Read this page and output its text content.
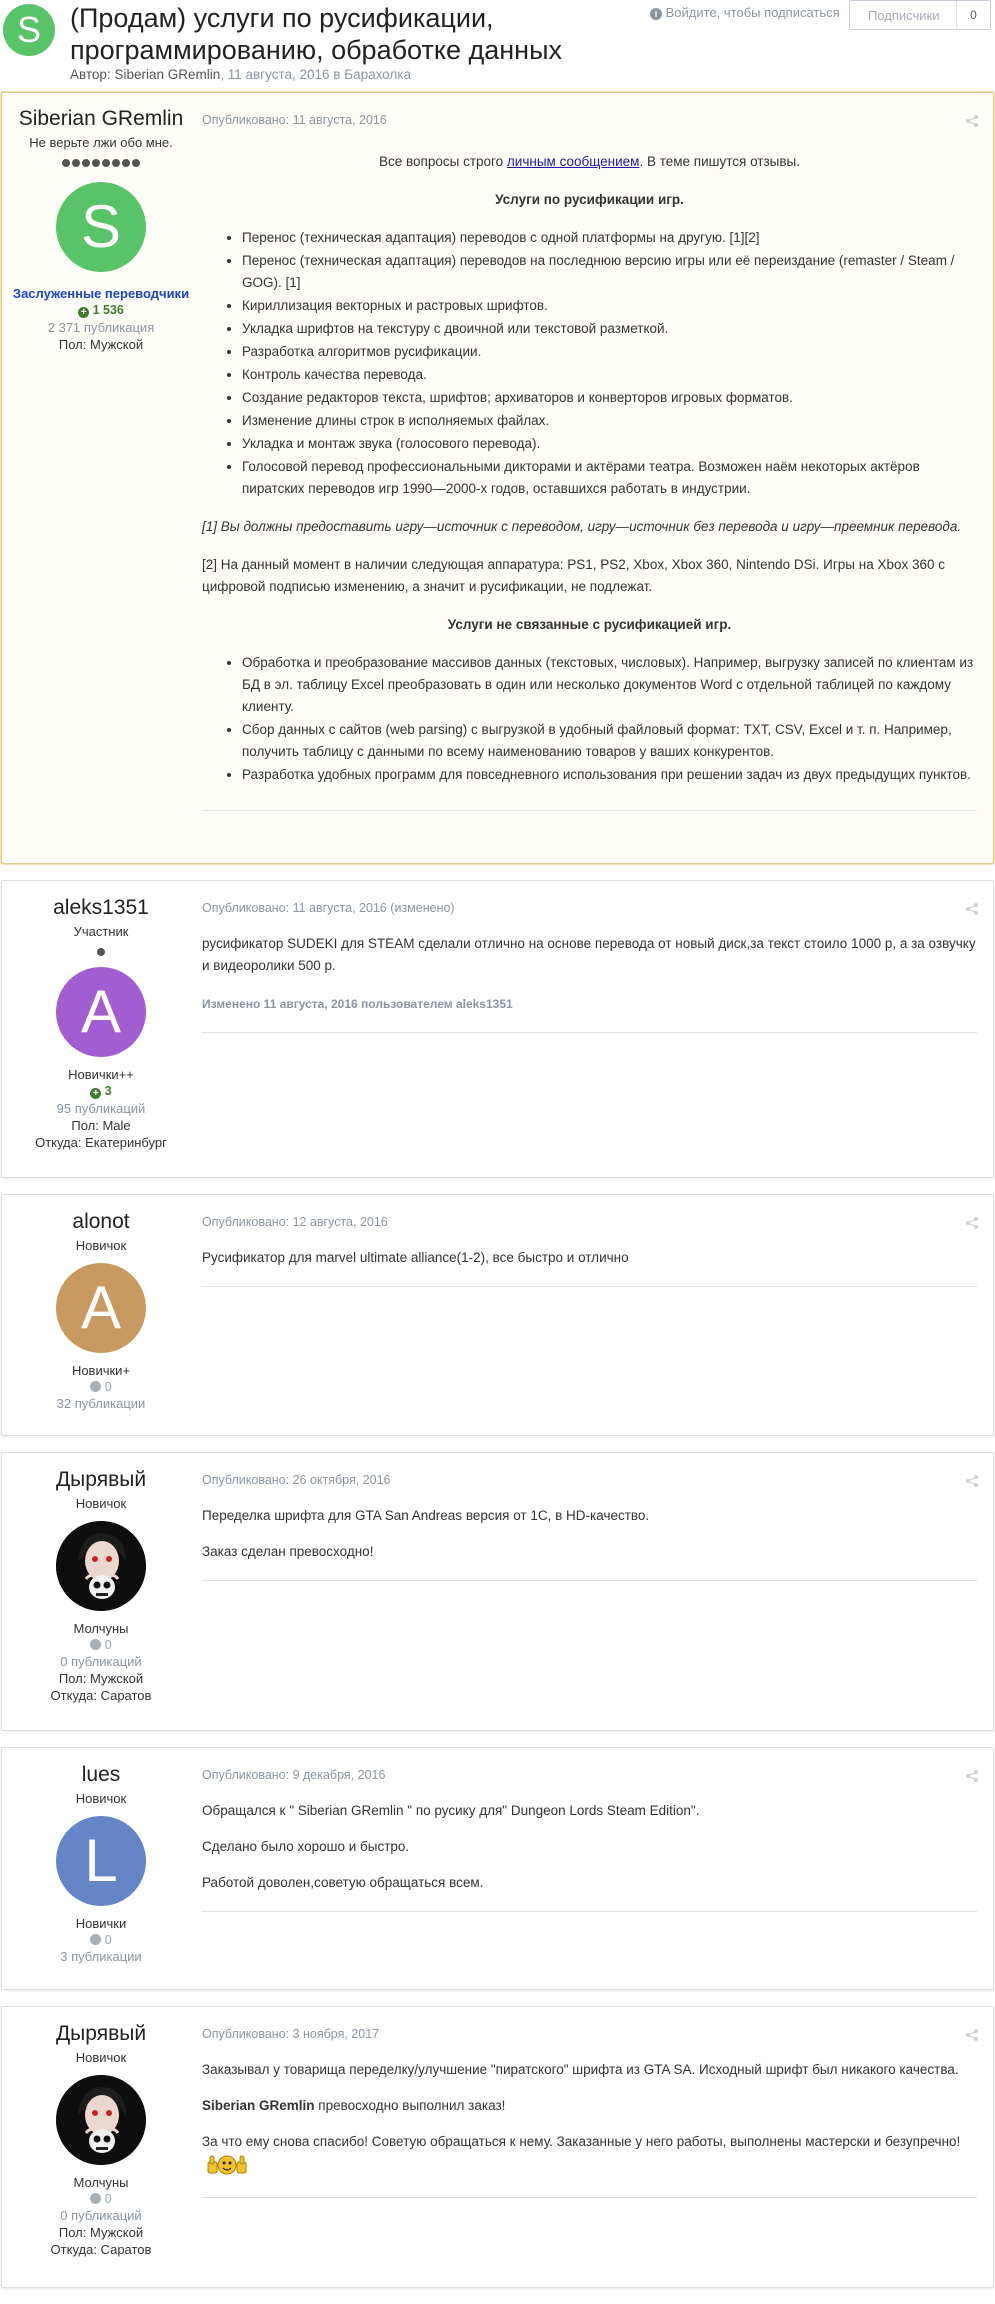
S	(Продам) услуги по русификации, программированию, обработке данных
Автор: Siberian GRemlin, 11 августа, 2016 в Барахолка
i Войдите, чтобы подписаться Подписчики	0
Siberian GRemlin
Не верьте лжи обо мне.
S
Заслуженные переводчики
+ 1 536
2 371 публикация
Пол: Мужской
Опубликовано: 11 августа, 2016

Все вопросы строго личным сообщением. В теме пишутся отзывы.

Услуги по русификации игр.

• Перенос (техническая адаптация) переводов с одной платформы на другую. [1][2]
• Перенос (техническая адаптация) переводов на последнюю версию игры или её переиздание (remaster / Steam / GOG). [1]
• Кириллизация векторных и растровых шрифтов.
• Укладка шрифтов на текстуру с двоичной или текстовой разметкой.
• Разработка алгоритмов русификации.
• Контроль качества перевода.
• Создание редакторов текста, шрифтов; архиваторов и конверторов игровых форматов.
• Изменение длины строк в исполняемых файлах.
• Укладка и монтаж звука (голосового перевода).
• Голосовой перевод профессиональными дикторами и актёрами театра. Возможен наём некоторых актёров пиратских переводов игр 1990—2000-х годов, оставшихся работать в индустрии.

[1] Вы должны предоставить игру—источник с переводом, игру—источник без перевода и игру—преемник перевода.

[2] На данный момент в наличии следующая аппаратура: PS1, PS2, Xbox, Xbox 360, Nintendo DSi. Игры на Xbox 360 с цифровой подписью изменению, а значит и русификации, не подлежат.

Услуги не связанные с русификацией игр.

• Обработка и преобразование массивов данных (текстовых, числовых). Например, выгрузку записей по клиентам из БД в эл. таблицу Excel преобразовать в один или несколько документов Word с отдельной таблицей по каждому клиенту.
• Сбор данных с сайтов (web parsing) с выгрузкой в удобный файловый формат: TXT, CSV, Excel и т. п. Например, получить таблицу с данными по всему наименованию товаров у ваших конкурентов.
• Разработка удобных программ для повседневного использования при решении задач из двух предыдущих пунктов.
aleks1351
Участник
A
Новички++
+ 3
95 публикаций
Пол: Male
Откуда: Екатеринбург
Опубликовано: 11 августа, 2016 (изменено)

русификатор SUDEKI для STEAM сделали отлично на основе перевода от новый диск,за текст стоило 1000 р, а за озвучку и видеоролики 500 р.

Изменено 11 августа, 2016 пользователем aleks1351
alonot
Новичок
A
Новички+
0
32 публикации
Опубликовано: 12 августа, 2016

Русификатор для marvel ultimate alliance(1-2), все быстро и отлично

Дырявый
Новичок
Молчуны
0
0 публикаций
Пол: Мужской
Откуда: Саратов
Опубликовано: 26 октября, 2016

Переделка шрифта для GTA San Andreas версия от 1С, в HD-качество.

Заказ сделан превосходно!

lues
Новичок
L
Новички
0
3 публикации
Опубликовано: 9 декабря, 2016

Обращался к " Siberian GRemlin " по русику для" Dungeon Lords Steam Edition".

Сделано было хорошо и быстро.

Работой доволен,советую обращаться всем.

Дырявый
Новичок
Молчуны
0
0 публикаций
Пол: Мужской
Откуда: Саратов
Опубликовано: 3 ноября, 2017

Заказывал у товарища переделку/улучшение "пиратского" шрифта из GTA SA. Исходный шрифт был никакого качества.

Siberian GRemlin превосходно выполнил заказ!

За что ему снова спасибо! Советую обращаться к нему. Заказанные у него работы, выполнены мастерски и безупречно!
